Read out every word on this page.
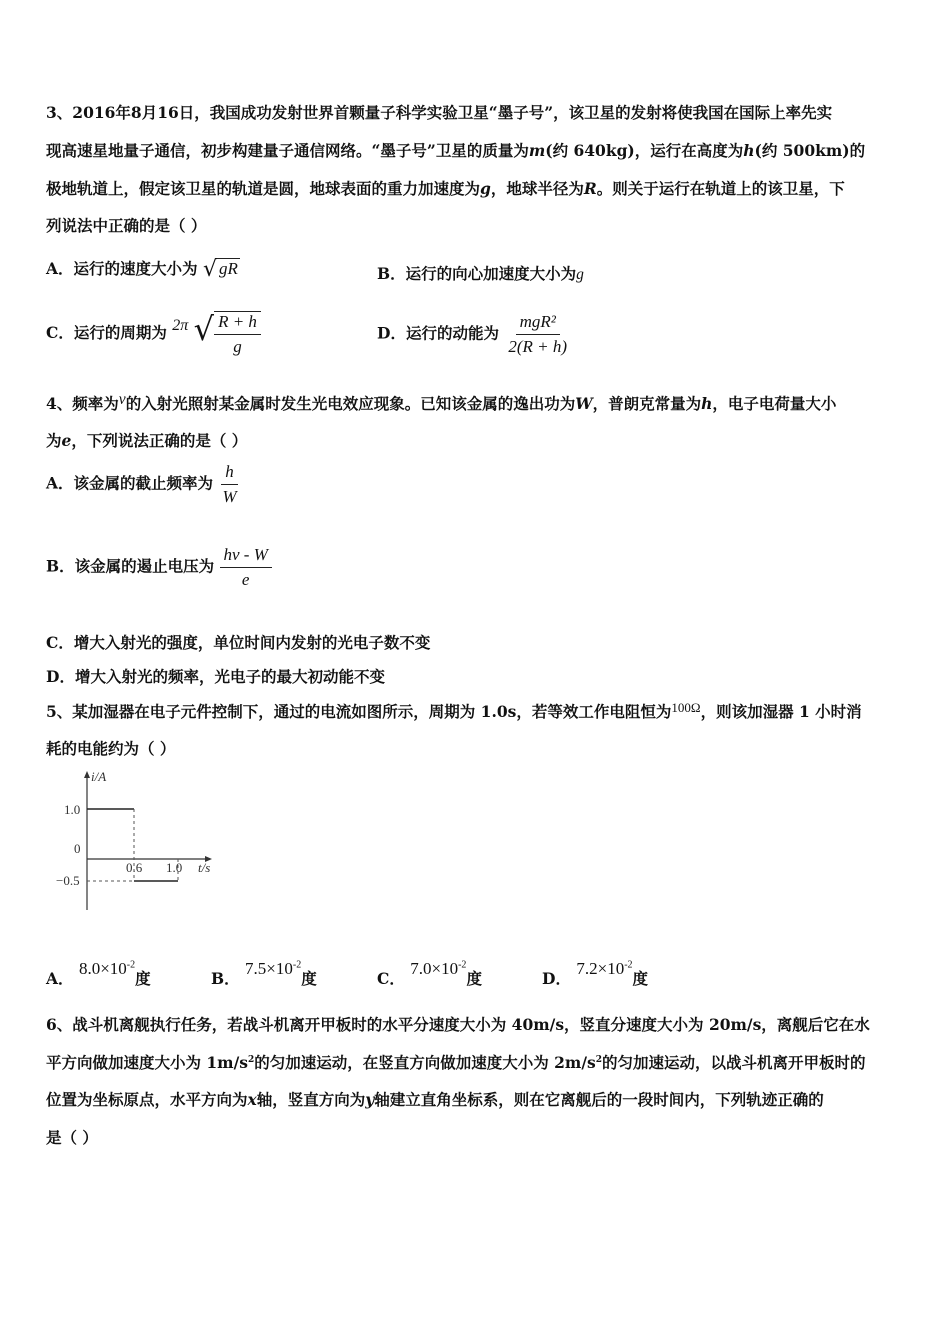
3、2016年8月16日，我国成功发射世界首颗量子科学实验卫星“墨子号”，该卫星的发射将使我国在国际上率先实
现高速星地量子通信，初步构建量子通信网络。“墨子号”卫星的质量为m(约 640kg)，运行在高度为h(约 500km)的
极地轨道上，假定该卫星的轨道是圆，地球表面的重力加速度为g，地球半径为R。则关于运行在轨道上的该卫星，下
列说法中正确的是（ ）
A．运行的速度大小为 √ gR	B．运行的向心加速度大小为g
C．运行的周期为 2π √ $\frac{R + h}{g}$	D．运行的动能为 $\frac{\text{mgR²}}{2(R + h)}$
4、频率为ν的入射光照射某金属时发生光电效应现象。已知该金属的逸出功为W，普朗克常量为h，电子电荷量大小
为e，下列说法正确的是（ ）
A．该金属的截止频率为 $\frac{h}{W}$
B．该金属的遏止电压为 $\frac{h\nu - W}{e}$
C．增大入射光的强度，单位时间内发射的光电子数不变
D．增大入射光的频率，光电子的最大初动能不变
5、某加湿器在电子元件控制下，通过的电流如图所示，周期为 1.0s，若等效工作电阻恒为$^{100\Omega}$，则该加湿器 1 小时消
耗的电能约为（ ）
i/A
t/s
1.0
0
−0.5
0.6 1.0
A． $8.0\times 10^{-2}$度	B． $7.5\times 10^{-2}$度	C． $7.0\times 10^{-2}$度	D． $7.2\times 10^{-2}$度
6、战斗机离舰执行任务，若战斗机离开甲板时的水平分速度大小为 40m/s，竖直分速度大小为 20m/s，离舰后它在水
平方向做加速度大小为 $1m/s^2$的匀加速运动，在竖直方向做加速度大小为 $2m/s^2$的匀加速运动，以战斗机离开甲板时的
位置为坐标原点，水平方向为x轴，竖直方向为y轴建立直角坐标系，则在它离舰后的一段时间内，下列轨迹正确的
是（ ）
